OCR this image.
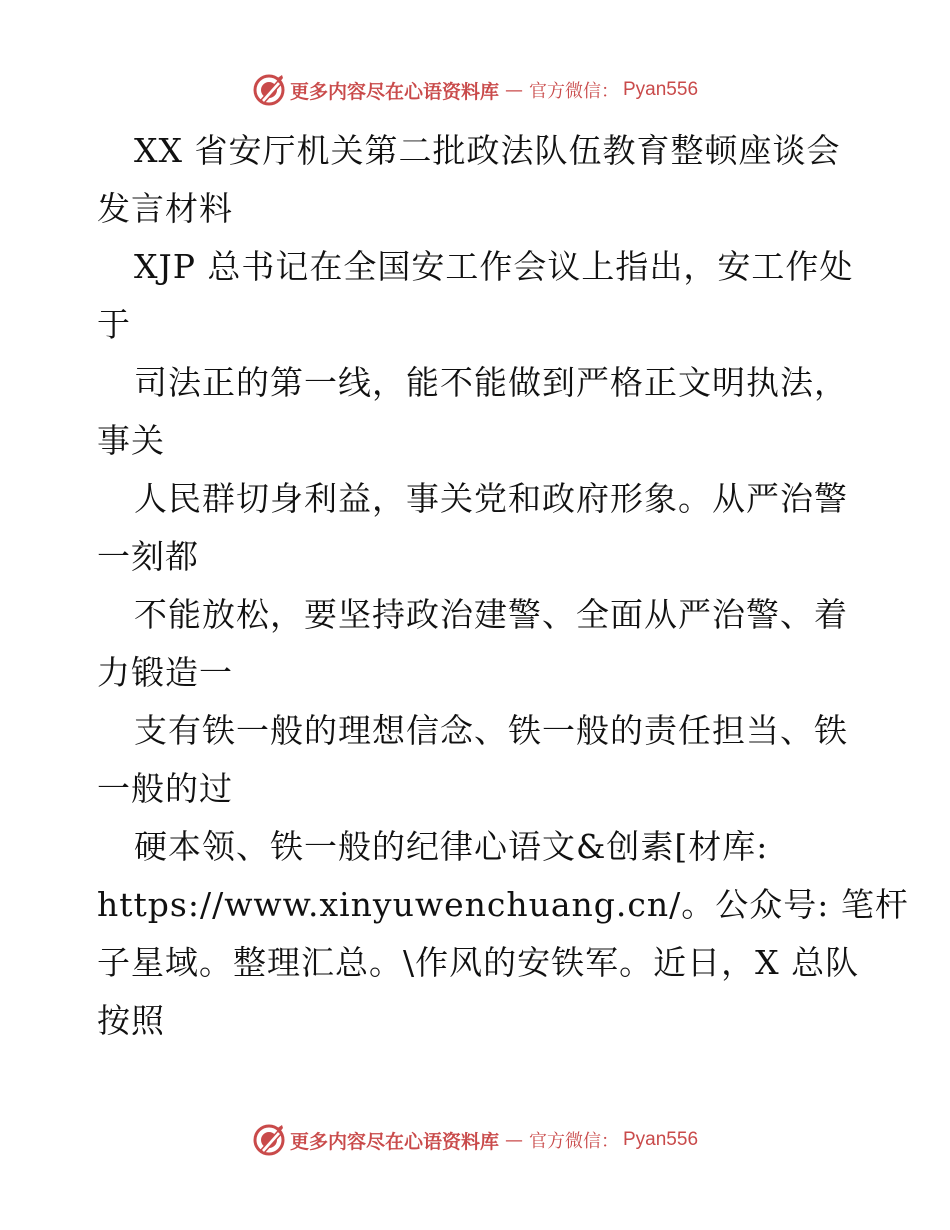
更多内容尽在心语资料库 — 官方微信： Pyan556
XX 省安厅机关第二批政法队伍教育整顿座谈会
发言材料
XJP 总书记在全国安工作会议上指出，安工作处
于
司法正的第一线，能不能做到严格正文明执法，
事关
人民群切身利益，事关党和政府形象。从严治警
一刻都
不能放松，要坚持政治建警、全面从严治警、着
力锻造一
支有铁一般的理想信念、铁一般的责任担当、铁
一般的过
硬本领、铁一般的纪律心语文&创素[材库:
https://www.xinyuwenchuang.cn/。公众号: 笔杆
子星域。整理汇总。\作风的安铁军。近日，X 总队
按照
更多内容尽在心语资料库 — 官方微信： Pyan556
